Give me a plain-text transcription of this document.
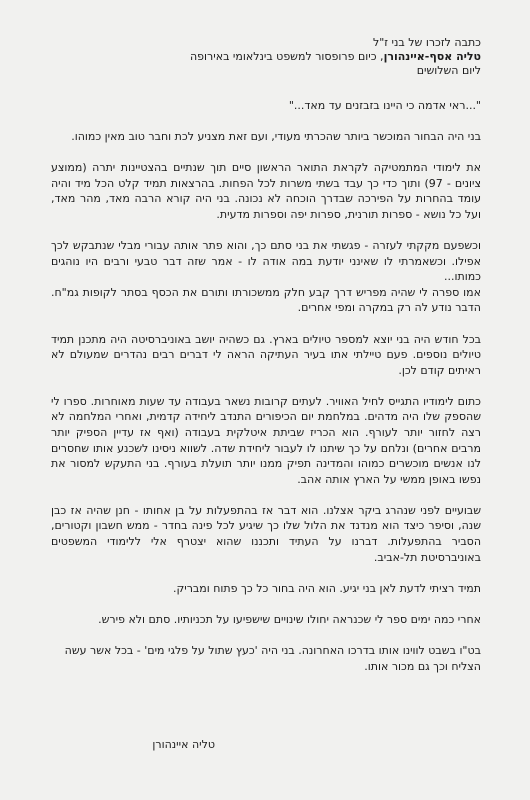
כתבה לזכרו של בני ז"ל
טליה אסף-איינהורן, כיום פרופסור למשפט בינלאומי באירופה
ליום השלושים

"...ראי אדמה כי היינו בזבזנים עד מאד..."

בני היה הבחור המוכשר ביותר שהכרתי מעודי, ועם זאת מצניע לכת וחבר טוב מאין כמוהו.

את לימודי המתמטיקה לקראת התואר הראשון סיים תוך שנתיים בהצטיינות יתרה (ממוצע ציונים - 97) ותוך כדי כך עבד בשתי משרות לכל הפחות. בהרצאות תמיד קלט הכל מיד והיה עומד בהחרות על הפירכה שבדרך הוכחה לא נכונה. בני היה קורא הרבה מאד, מהר מאד, ועל כל נושא - ספרות תורנית, ספרות יפה וספרות מדעית.

וכשפעם מקקתי לעזרה - פגשתי את בני סתם כך, והוא פתר אותה עבורי מבלי שנתבקש לכך אפילו. וכשאמרתי לו שאינני יודעת במה אודה לו - אמר שזה דבר טבעי ורבים היו נוהגים כמותו...

אמו ספרה לי שהיה מפריש דרך קבע חלק ממשכורתו ותורם את הכסף בסתר לקופות גמ"ח. הדבר נודע לה רק במקרה ומפי אחרים.

בכל חודש היה בני יוצא למספר טיולים בארץ. גם כשהיה יושב באוניברסיטה היה מתכנן תמיד טיולים נוספים. פעם טיילתי אתו בעיר העתיקה הראה לי דברים רבים נהדרים שמעולם לא ראיתים קודם לכן.

כתום לימודיו התגייס לחיל האוויר. לעתים קרובות נשאר בעבודה עד שעות מאוחרות. ספרו לי שהספק שלו היה מדהים. במלחמת יום הכיפורים התנדב ליחידה קדמית, ואחרי המלחמה לא רצה לחזור יותר לעורף. הוא הכריז שביתת איטלקית בעבודה (ואף אז עדיין הספיק יותר מרבים אחרים) ונלחם על כך שיתנו לו לעבור ליחידת שדה. לשווא ניסינו לשכנע אותו שחסרים לנו אנשים מוכשרים כמוהו והמדינה תפיק ממנו יותר תועלת בעורף. בני התעקש למסור את נפשו באופן ממשי על הארץ אותה אהב.

שבועיים לפני שנהרג ביקר אצלנו. הוא דבר אז בהתפעלות על בן אחותו - חנן שהיה אז כבן שנה, וסיפר כיצד הוא מנדנד את הלול שלו כך שיגיע לכל פינה בחדר - ממש חשבון וקטורים, הסביר בהתפעלות. דברנו על העתיד ותכננו שהוא יצטרף אלי ללימודי המשפטים באוניברסיטת תל-אביב.

תמיד רציתי לדעת לאן בני יגיע. הוא היה בחור כל כך פתוח ומבריק.

אחרי כמה ימים ספר לי שכנראה יחולו שינויים שישפיעו על תכניותיו. סתם ולא פירש.

בט"ו בשבט לווינו אותו בדרכו האחרונה. בני היה 'כעץ שתול על פלגי מים' - בכל אשר עשה הצליח וכך גם מכור אותו.

טליה איינהורן
